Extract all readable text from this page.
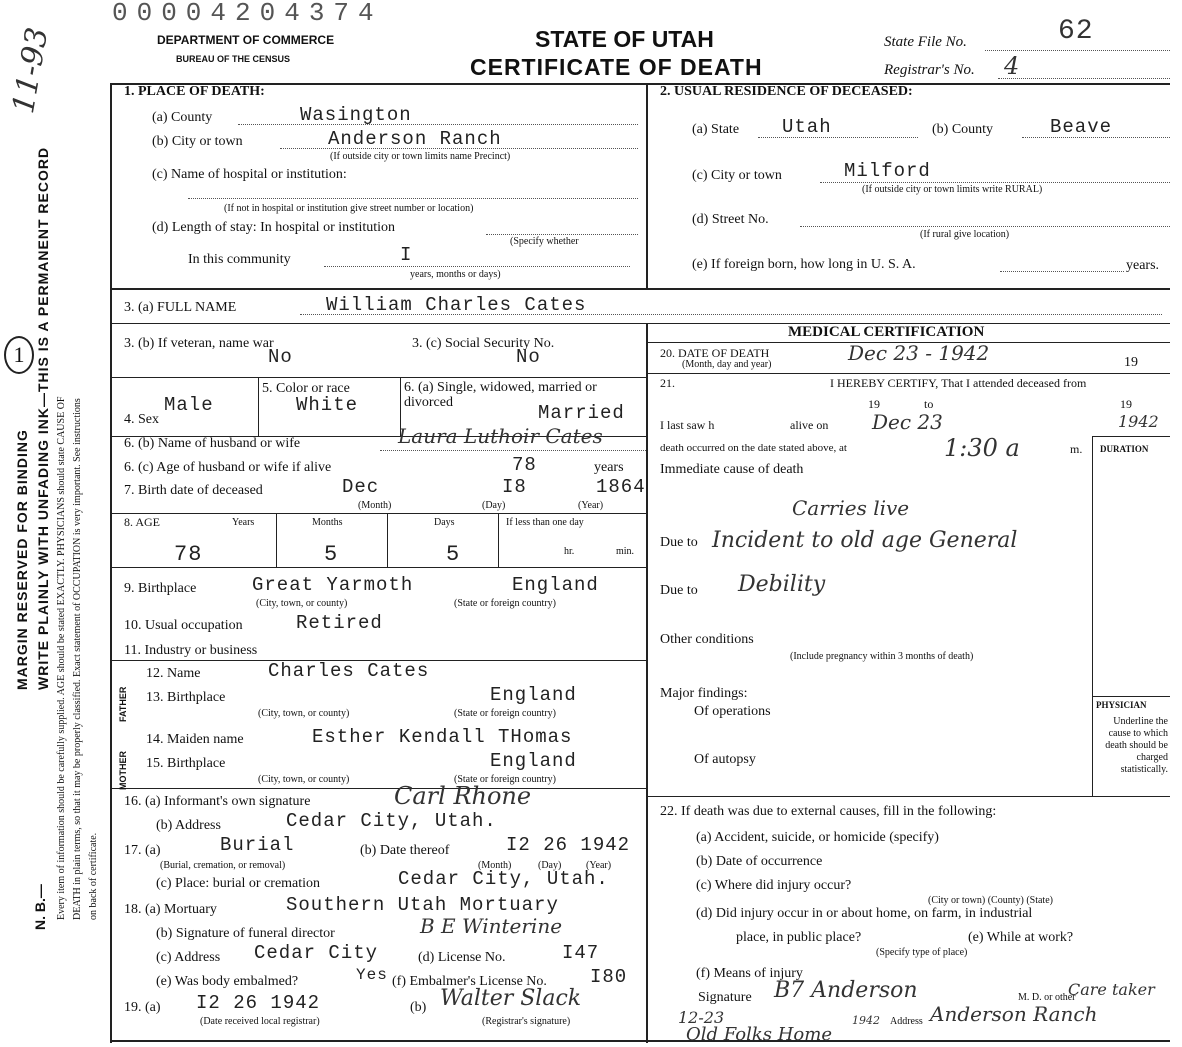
00004204374
11-93	DEPARTMENT OF COMMERCE
BUREAU OF THE CENSUS
STATE OF UTAH
CERTIFICATE OF DEATH
State File No.	62
Registrar's No. 4
MARGIN RESERVED FOR BINDING WRITE PLAINLY WITH UNFADING INK—THIS IS A PERMANENT RECORD
N. B.— Every item of information should be carefully supplied. AGE should be stated EXACTLY. PHYSICIANS should state CAUSE OF DEATH in plain terms, so that it may be properly classified. Exact statement of OCCUPATION is very important. See instructions on back of certificate.
1
1. PLACE OF DEATH:
(a) County	Wasington
(b) City or town	Anderson Ranch
(If outside city or town limits name Precinct)
(c) Name of hospital or institution:
(If not in hospital or institution give street number or location)
(d) Length of stay: In hospital or institution
(Specify whether
In this community	I
years, months or days)
2. USUAL RESIDENCE OF DECEASED:
(a) State Utah	(b) County	Beave
(c) City or town	Milford
(If outside city or town limits write RURAL)
(d) Street No.
(If rural give location)
(e) If foreign born, how long in U. S. A.	years.
3. (a) FULL NAME	William Charles Cates
3. (b) If veteran, name war
No
3. (c) Social Security No.
No
4. Sex
Male
5. Color or race
White
6. (a) Single, widowed, married or divorced	Married
6. (b) Name of husband or wife	Laura Luthoir Cates
6. (c) Age of husband or wife if alive	78	years
7. Birth date of deceased	Dec	I8	1864
(Month)	(Day)	(Year)
8. AGE	Years	Months	Days	If less than one day
78	5	5	hr.	min.
9. Birthplace	Great Yarmoth	England
(City, town, or county)	(State or foreign country)
10. Usual occupation	Retired
11. Industry or business
MOTHER
FATHER
12. Name	Charles Cates
13. Birthplace	England
(City, town, or county)	(State or foreign country)
14. Maiden name	Esther Kendall THomas
15. Birthplace	England
(City, town, or county)	(State or foreign country)
16. (a) Informant's own signature	Carl Rhone
(b) Address	Cedar City, Utah.
17. (a)	Burial
(Burial, cremation, or removal)
(b) Date thereof	I2 26 1942
(Month)	(Day) (Year)
(c) Place: burial or cremation	Cedar City, Utah.
18. (a) Mortuary	Southern Utah Mortuary
(b) Signature of funeral director	B E Winterine
(c) Address Cedar City	(d) License No.	I47
(e) Was body embalmed?	Yes (f) Embalmer's License No. I80
19. (a) I2 26 1942
(Date received local registrar)
(b) Walter Slack
(Registrar's signature)
MEDICAL CERTIFICATION
20. DATE OF DEATH
(Month, day and year)	Dec 23 - 1942	19
21.	I HEREBY CERTIFY, That I attended deceased from
19	to	19
I last saw h	alive on Dec 23	1942
death occurred on the date stated above, at	1:30 a	m. DURATION
Immediate cause of death
Carries live
Due to Incident to old age General
Due to Debility
Other conditions
(Include pregnancy within 3 months of death)
Major findings:
Of operations
Of autopsy
PHYSICIAN
Underline the cause to which death should be charged statistically.
22. If death was due to external causes, fill in the following:
(a) Accident, suicide, or homicide (specify)
(b) Date of occurrence
(c) Where did injury occur?
(City or town) (County) (State)
(d) Did injury occur in or about home, on farm, in industrial
place, in public place?
(Specify type of place)
(e) While at work?
(f) Means of injury
Signature B7 Anderson	M. D. or other
Care taker
12-23	1942 Address Anderson Ranch
Old Folks Home
